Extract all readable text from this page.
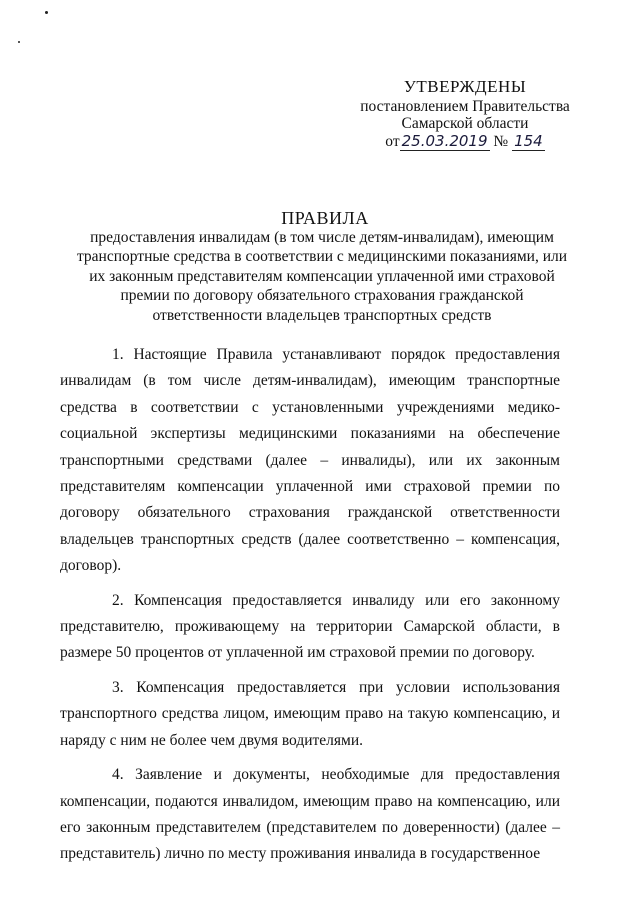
УТВЕРЖДЕНЫ
постановлением Правительства
Самарской области
от 25.03.2019 № 154
ПРАВИЛА
предоставления инвалидам (в том числе детям-инвалидам), имеющим транспортные средства в соответствии с медицинскими показаниями, или их законным представителям компенсации уплаченной ими страховой премии по договору обязательного страхования гражданской ответственности владельцев транспортных средств

1. Настоящие Правила устанавливают порядок предоставления инвалидам (в том числе детям-инвалидам), имеющим транспортные средства в соответствии с установленными учреждениями медико-социальной экспертизы медицинскими показаниями на обеспечение транспортными средствами (далее – инвалиды), или их законным представителям компенсации уплаченной ими страховой премии по договору обязательного страхования гражданской ответственности владельцев транспортных средств (далее соответственно – компенсация, договор).

2. Компенсация предоставляется инвалиду или его законному представителю, проживающему на территории Самарской области, в размере 50 процентов от уплаченной им страховой премии по договору.

3. Компенсация предоставляется при условии использования транспортного средства лицом, имеющим право на такую компенсацию, и наряду с ним не более чем двумя водителями.

4. Заявление и документы, необходимые для предоставления компенсации, подаются инвалидом, имеющим право на компенсацию, или его законным представителем (представителем по доверенности) (далее – представитель) лично по месту проживания инвалида в государственное
